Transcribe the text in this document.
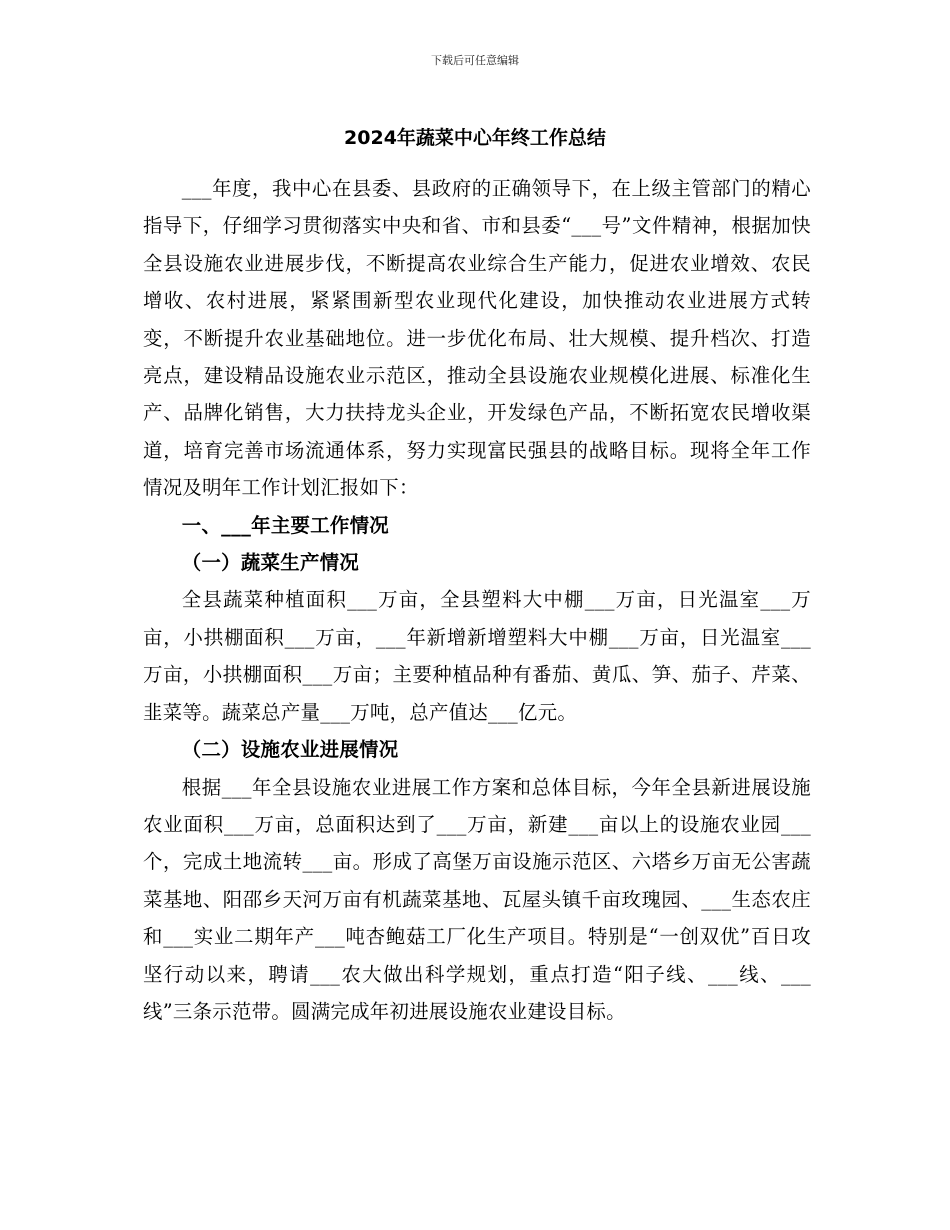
下载后可任意编辑
2024年蔬菜中心年终工作总结

___年度，我中心在县委、县政府的正确领导下，在上级主管部门的精心指导下，仔细学习贯彻落实中央和省、市和县委“___号”文件精神，根据加快全县设施农业进展步伐，不断提高农业综合生产能力，促进农业增效、农民增收、农村进展，紧紧围新型农业现代化建设，加快推动农业进展方式转变，不断提升农业基础地位。进一步优化布局、壮大规模、提升档次、打造亮点，建设精品设施农业示范区，推动全县设施农业规模化进展、标准化生产、品牌化销售，大力扶持龙头企业，开发绿色产品，不断拓宽农民增收渠道，培育完善市场流通体系，努力实现富民强县的战略目标。现将全年工作情况及明年工作计划汇报如下：

一、___年主要工作情况
（一）蔬菜生产情况

全县蔬菜种植面积___万亩，全县塑料大中棚___万亩，日光温室___万亩，小拱棚面积___万亩，___年新增新增塑料大中棚___万亩，日光温室___万亩，小拱棚面积___万亩；主要种植品种有番茄、黄瓜、笋、茄子、芹菜、韭菜等。蔬菜总产量___万吨，总产值达___亿元。

（二）设施农业进展情况

根据___年全县设施农业进展工作方案和总体目标，今年全县新进展设施农业面积___万亩，总面积达到了___万亩，新建___亩以上的设施农业园___个，完成土地流转___亩。形成了高堡万亩设施示范区、六塔乡万亩无公害蔬菜基地、阳邵乡天河万亩有机蔬菜基地、瓦屋头镇千亩玫瑰园、___生态农庄和___实业二期年产___吨杏鲍菇工厂化生产项目。特别是“一创双优”百日攻坚行动以来，聘请___农大做出科学规划，重点打造“阳子线、___线、___线”三条示范带。圆满完成年初进展设施农业建设目标。
